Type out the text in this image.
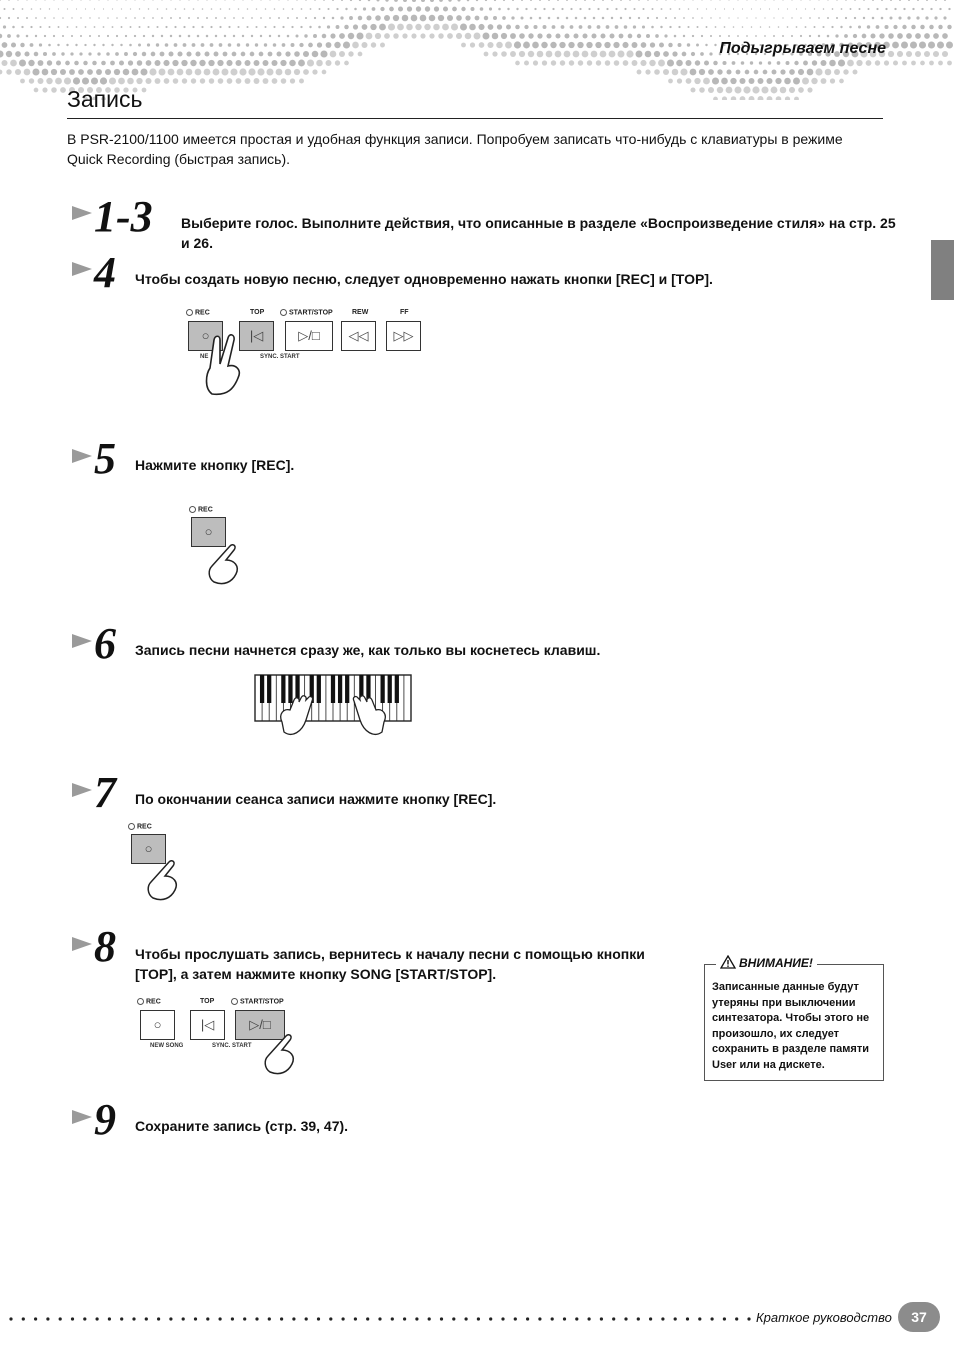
Подыгрываем песне
Запись
В PSR-2100/1100 имеется простая и удобная функция записи. Попробуем записать что-нибудь с клавиатуры в режиме Quick Recording (быстрая запись).
1-3 Выберите голос. Выполните действия, что описанные в разделе «Воспроизведение стиля» на стр. 25 и 26.
4 Чтобы создать новую песню, следует одновременно нажать кнопки [REC] и [TOP].
REC	TOP	START/STOP	REW	FF
○	|◁	▷/□	◁◁	▷▷
NE	SYNC. START
5 Нажмите кнопку [REC].
REC
○
6 Запись песни начнется сразу же, как только вы коснетесь клавиш.
7 По окончании сеанса записи нажмите кнопку [REC].
REC
○
8 Чтобы прослушать запись, вернитесь к началу песни с помощью кнопки [TOP], а затем нажмите кнопку SONG [START/STOP].
REC	TOP	START/STOP
○	|◁	▷/□
NEW SONG	SYNC. START
ВНИМАНИЕ!
Записанные данные будут утеряны при выключении синтезатора. Чтобы этого не произошло, их следует сохранить в разделе памяти User или на дискете.
9 Сохраните запись (стр. 39, 47).
Краткое руководство	37
